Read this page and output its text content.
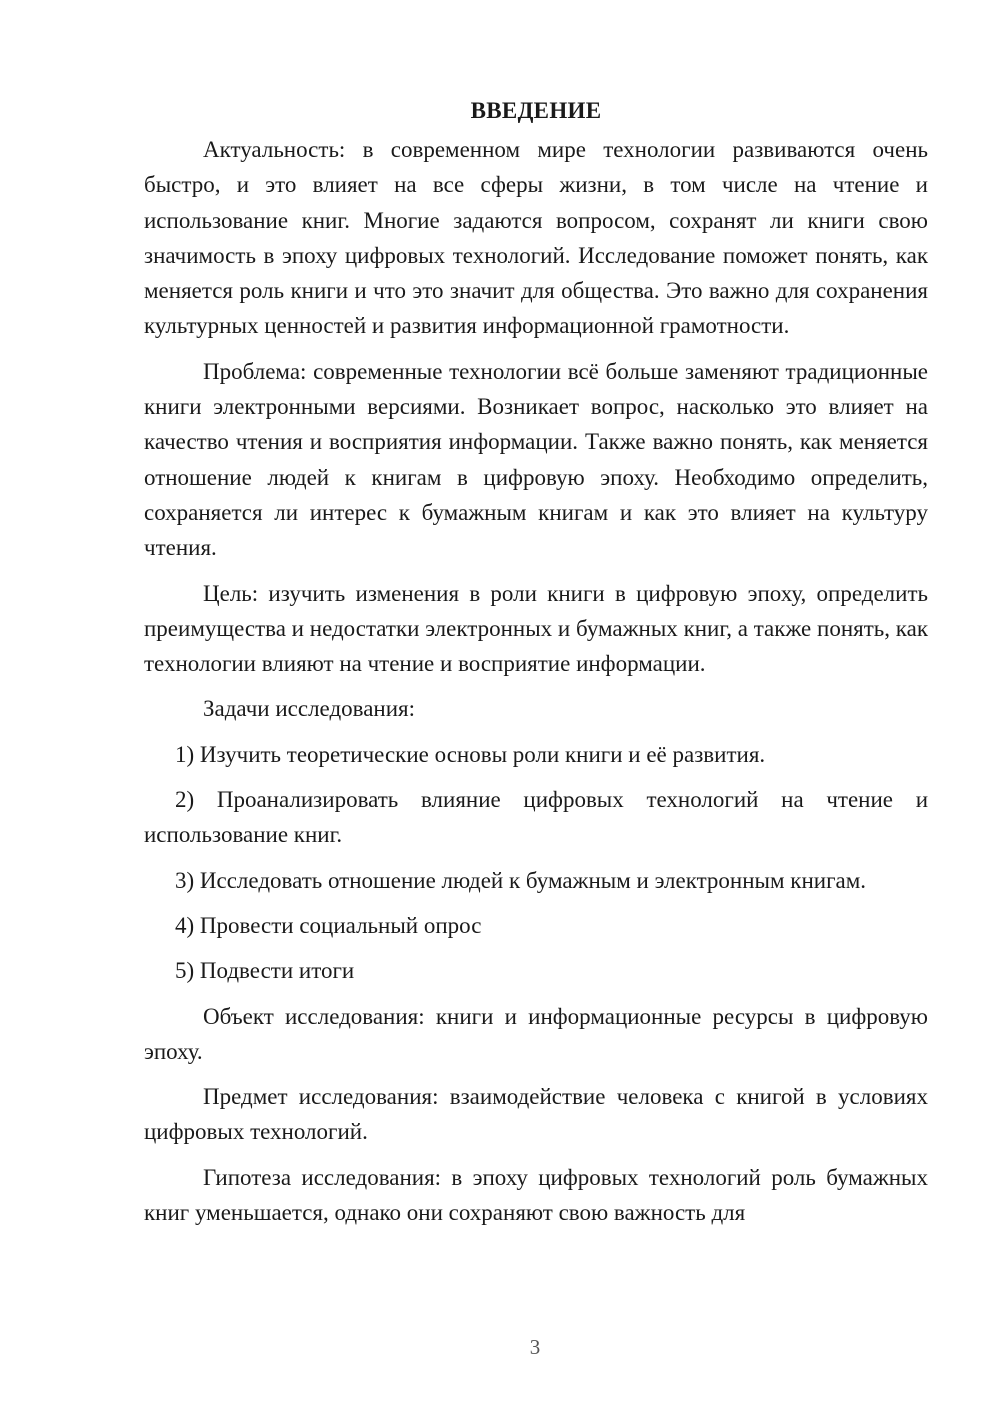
ВВЕДЕНИЕ

Актуальность: в современном мире технологии развиваются очень быстро, и это влияет на все сферы жизни, в том числе на чтение и использование книг. Многие задаются вопросом, сохранят ли книги свою значимость в эпоху цифровых технологий. Исследование поможет понять, как меняется роль книги и что это значит для общества. Это важно для сохранения культурных ценностей и развития информационной грамотности.

Проблема: современные технологии всё больше заменяют традиционные книги электронными версиями. Возникает вопрос, насколько это влияет на качество чтения и восприятия информации. Также важно понять, как меняется отношение людей к книгам в цифровую эпоху. Необходимо определить, сохраняется ли интерес к бумажным книгам и как это влияет на культуру чтения.

Цель: изучить изменения в роли книги в цифровую эпоху, определить преимущества и недостатки электронных и бумажных книг, а также понять, как технологии влияют на чтение и восприятие информации.

Задачи исследования:

1) Изучить теоретические основы роли книги и её развития.

2) Проанализировать влияние цифровых технологий на чтение и использование книг.

3) Исследовать отношение людей к бумажным и электронным книгам.

4) Провести социальный опрос

5) Подвести итоги

Объект исследования: книги и информационные ресурсы в цифровую эпоху.

Предмет исследования: взаимодействие человека с книгой в условиях цифровых технологий.

Гипотеза исследования: в эпоху цифровых технологий роль бумажных книг уменьшается, однако они сохраняют свою важность для

3
